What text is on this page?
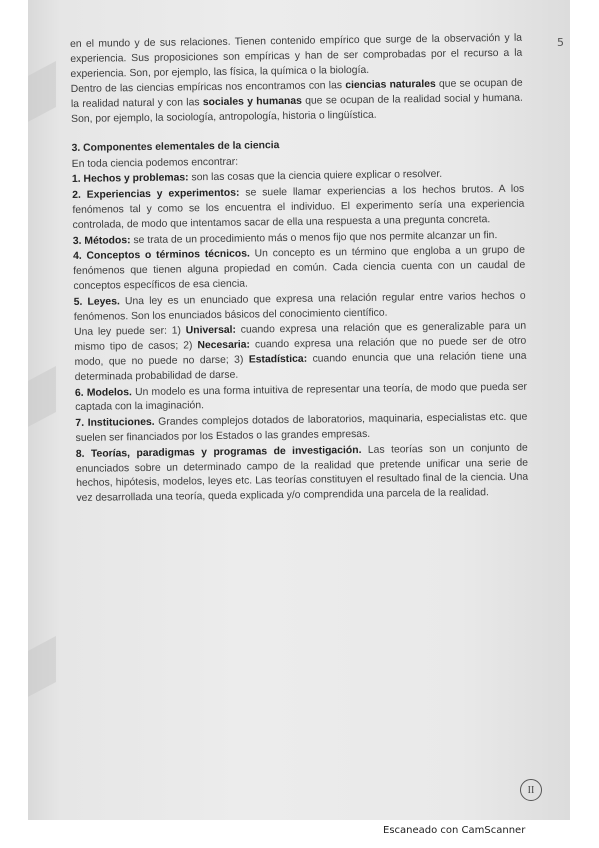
5

en el mundo y de sus relaciones. Tienen contenido empírico que surge de la observación y la experiencia. Sus proposiciones son empíricas y han de ser comprobadas por el recurso a la experiencia. Son, por ejemplo, las física, la química o la biología.

Dentro de las ciencias empíricas nos encontramos con las ciencias naturales que se ocupan de la realidad natural y con las sociales y humanas que se ocupan de la realidad social y humana. Son, por ejemplo, la sociología, antropología, historia o lingüística.

3. Componentes elementales de la ciencia

En toda ciencia podemos encontrar:

1. Hechos y problemas: son las cosas que la ciencia quiere explicar o resolver.

2. Experiencias y experimentos: se suele llamar experiencias a los hechos brutos. A los fenómenos tal y como se los encuentra el individuo. El experimento sería una experiencia controlada, de modo que intentamos sacar de ella una respuesta a una pregunta concreta.

3. Métodos: se trata de un procedimiento más o menos fijo que nos permite alcanzar un fin.

4. Conceptos o términos técnicos. Un concepto es un término que engloba a un grupo de fenómenos que tienen alguna propiedad en común. Cada ciencia cuenta con un caudal de conceptos específicos de esa ciencia.

5. Leyes. Una ley es un enunciado que expresa una relación regular entre varios hechos o fenómenos. Son los enunciados básicos del conocimiento científico.

Una ley puede ser: 1) Universal: cuando expresa una relación que es generalizable para un mismo tipo de casos; 2) Necesaria: cuando expresa una relación que no puede ser de otro modo, que no puede no darse; 3) Estadística: cuando enuncia que una relación tiene una determinada probabilidad de darse.

6. Modelos. Un modelo es una forma intuitiva de representar una teoría, de modo que pueda ser captada con la imaginación.

7. Instituciones. Grandes complejos dotados de laboratorios, maquinaria, especialistas etc. que suelen ser financiados por los Estados o las grandes empresas.

8. Teorías, paradigmas y programas de investigación. Las teorías son un conjunto de enunciados sobre un determinado campo de la realidad que pretende unificar una serie de hechos, hipótesis, modelos, leyes etc. Las teorías constituyen el resultado final de la ciencia. Una vez desarrollada una teoría, queda explicada y/o comprendida una parcela de la realidad.

II
Escaneado con CamScanner
